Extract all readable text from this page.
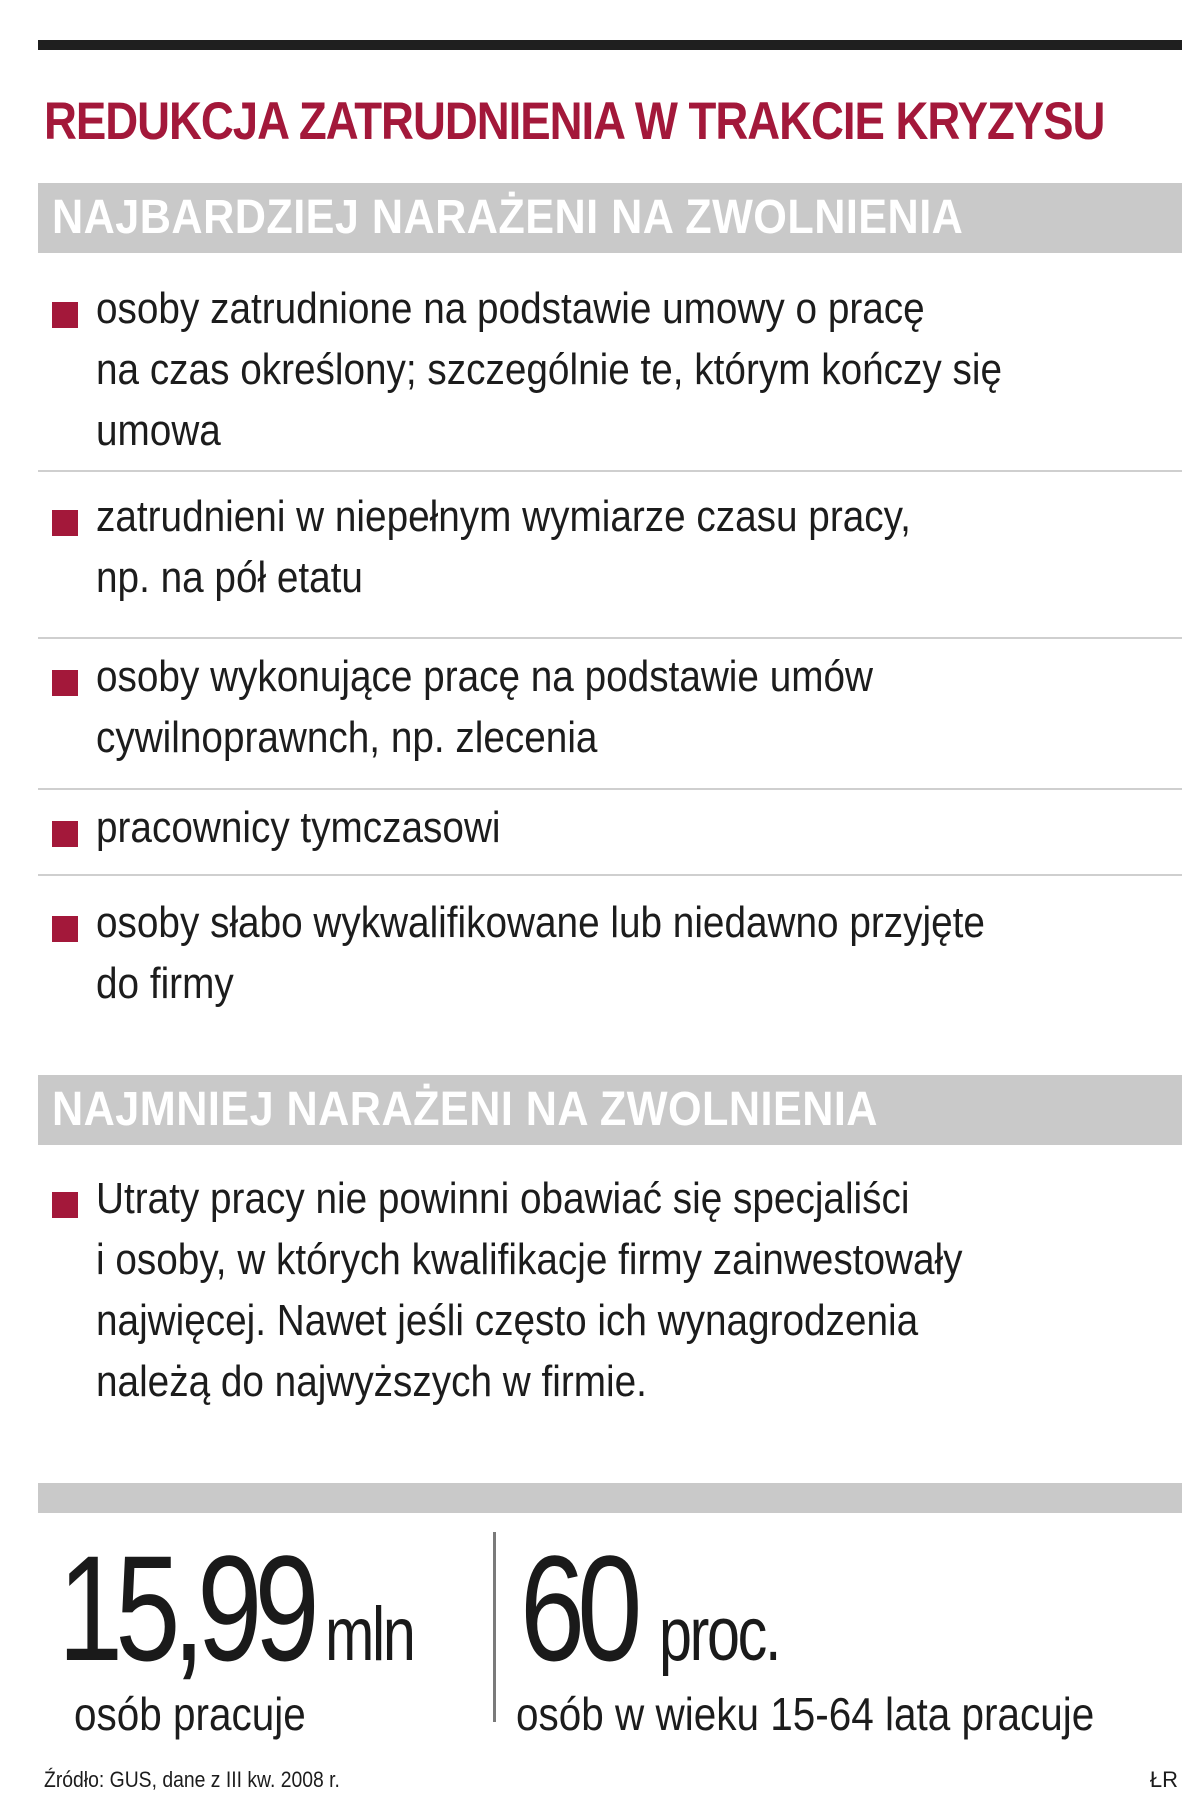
REDUKCJA ZATRUDNIENIA W TRAKCIE KRYZYSU
NAJBARDZIEJ NARAŻENI NA ZWOLNIENIA
osoby zatrudnione na podstawie umowy o pracę
na czas określony; szczególnie te, którym kończy się
umowa
zatrudnieni w niepełnym wymiarze czasu pracy,
np. na pół etatu
osoby wykonujące pracę na podstawie umów
cywilnoprawnch, np. zlecenia
pracownicy tymczasowi
osoby słabo wykwalifikowane lub niedawno przyjęte
do firmy
NAJMNIEJ NARAŻENI NA ZWOLNIENIA
Utraty pracy nie powinni obawiać się specjaliści
i osoby, w których kwalifikacje firmy zainwestowały
najwięcej. Nawet jeśli często ich wynagrodzenia
należą do najwyższych w firmie.
15,99 mln
osób pracuje
60 proc.
osób w wieku 15-64 lata pracuje
Źródło: GUS, dane z III kw. 2008 r.	ŁR
